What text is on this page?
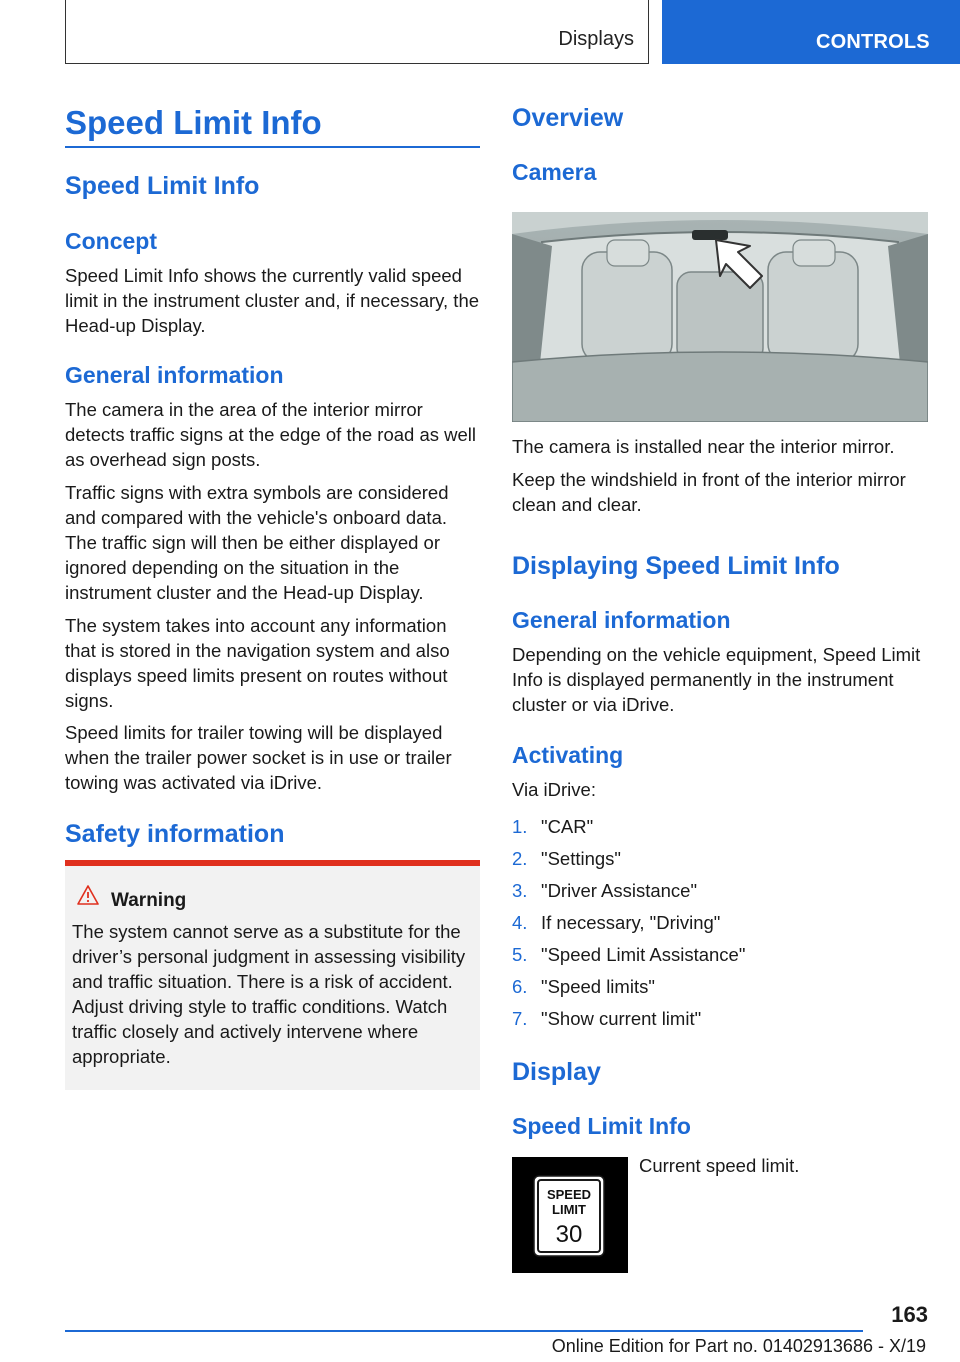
Displays	CONTROLS
Speed Limit Info
Speed Limit Info
Concept
Speed Limit Info shows the currently valid speed limit in the instrument cluster and, if necessary, the Head-up Display.
General information
The camera in the area of the interior mirror detects traffic signs at the edge of the road as well as overhead sign posts.
Traffic signs with extra symbols are considered and compared with the vehicle's onboard data. The traffic sign will then be either displayed or ignored depending on the situation in the instrument cluster and the Head-up Display.
The system takes into account any information that is stored in the navigation system and also displays speed limits present on routes without signs.
Speed limits for trailer towing will be displayed when the trailer power socket is in use or trailer towing was activated via iDrive.
Safety information
Warning
The system cannot serve as a substitute for the driver’s personal judgment in assessing visibility and traffic situation. There is a risk of accident. Adjust driving style to traffic conditions. Watch traffic closely and actively intervene where appropriate.
Overview
Camera
The camera is installed near the interior mirror.
Keep the windshield in front of the interior mirror clean and clear.
Displaying Speed Limit Info
General information
Depending on the vehicle equipment, Speed Limit Info is displayed permanently in the instrument cluster or via iDrive.
Activating
Via iDrive:
1. "CAR"
2. "Settings"
3. "Driver Assistance"
4. If necessary, "Driving"
5. "Speed Limit Assistance"
6. "Speed limits"
7. "Show current limit"
Display
Speed Limit Info
SPEED
LIMIT
30
Current speed limit.
163
Online Edition for Part no. 01402913686 - X/19
